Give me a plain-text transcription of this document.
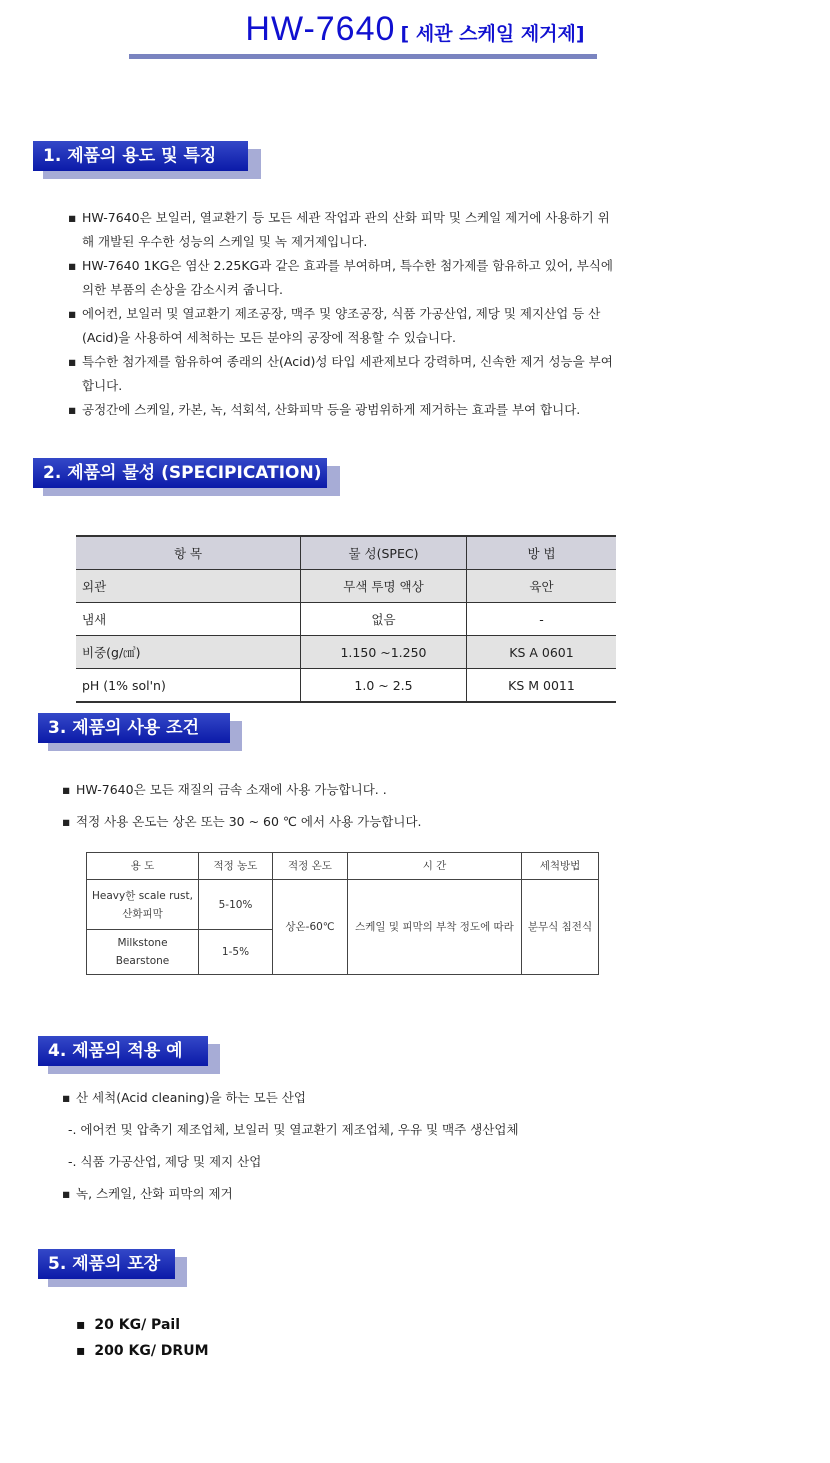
HW-7640 [ 세관 스케일 제거제]
1. 제품의 용도 및 특징
▪ HW-7640은 보일러, 열교환기 등 모든 세관 작업과 관의 산화 피막 및 스케일 제거에 사용하기 위
해 개발된 우수한 성능의 스케일 및 녹 제거제입니다.
▪ HW-7640 1KG은 염산 2.25KG과 같은 효과를 부여하며, 특수한 첨가제를 함유하고 있어, 부식에
의한 부품의 손상을 감소시켜 줍니다.
▪ 에어컨, 보일러 및 열교환기 제조공장, 맥주 및 양조공장, 식품 가공산업, 제당 및 제지산업 등 산
(Acid)을 사용하여 세척하는 모든 분야의 공장에 적용할 수 있습니다.
▪ 특수한 첨가제를 함유하여 종래의 산(Acid)성 타입 세관제보다 강력하며, 신속한 제거 성능을 부여
합니다.
▪ 공정간에 스케일, 카본, 녹, 석회석, 산화피막 등을 광범위하게 제거하는 효과를 부여 합니다.
2. 제품의 물성 (SPECIPICATION)
항 목	물 성(SPEC)	방 법
외관	무색 투명 액상	육안
냄새	없음	-
비중(g/㎤)	1.150 ~1.250	KS A 0601
pH (1% sol'n)	1.0 ~ 2.5	KS M 0011
3. 제품의 사용 조건
▪ HW-7640은 모든 재질의 금속 소재에 사용 가능합니다. .
▪ 적정 사용 온도는 상온 또는 30 ~ 60 ℃ 에서 사용 가능합니다.
용 도	적정 농도	적정 온도	시 간	세척방법
Heavy한 scale rust, 산화피막	5-10%	상온-60℃	스케일 및 피막의 부착 정도에 따라	분무식 침전식
Milkstone Bearstone	1-5%			
4. 제품의 적용 예
▪ 산 세척(Acid cleaning)을 하는 모든 산업
-. 에어컨 및 압축기 제조업체, 보일러 및 열교환기 제조업체, 우유 및 맥주 생산업체
-. 식품 가공산업, 제당 및 제지 산업
▪ 녹, 스케일, 산화 피막의 제거
5. 제품의 포장
▪ 20 KG/ Pail
▪ 200 KG/ DRUM
